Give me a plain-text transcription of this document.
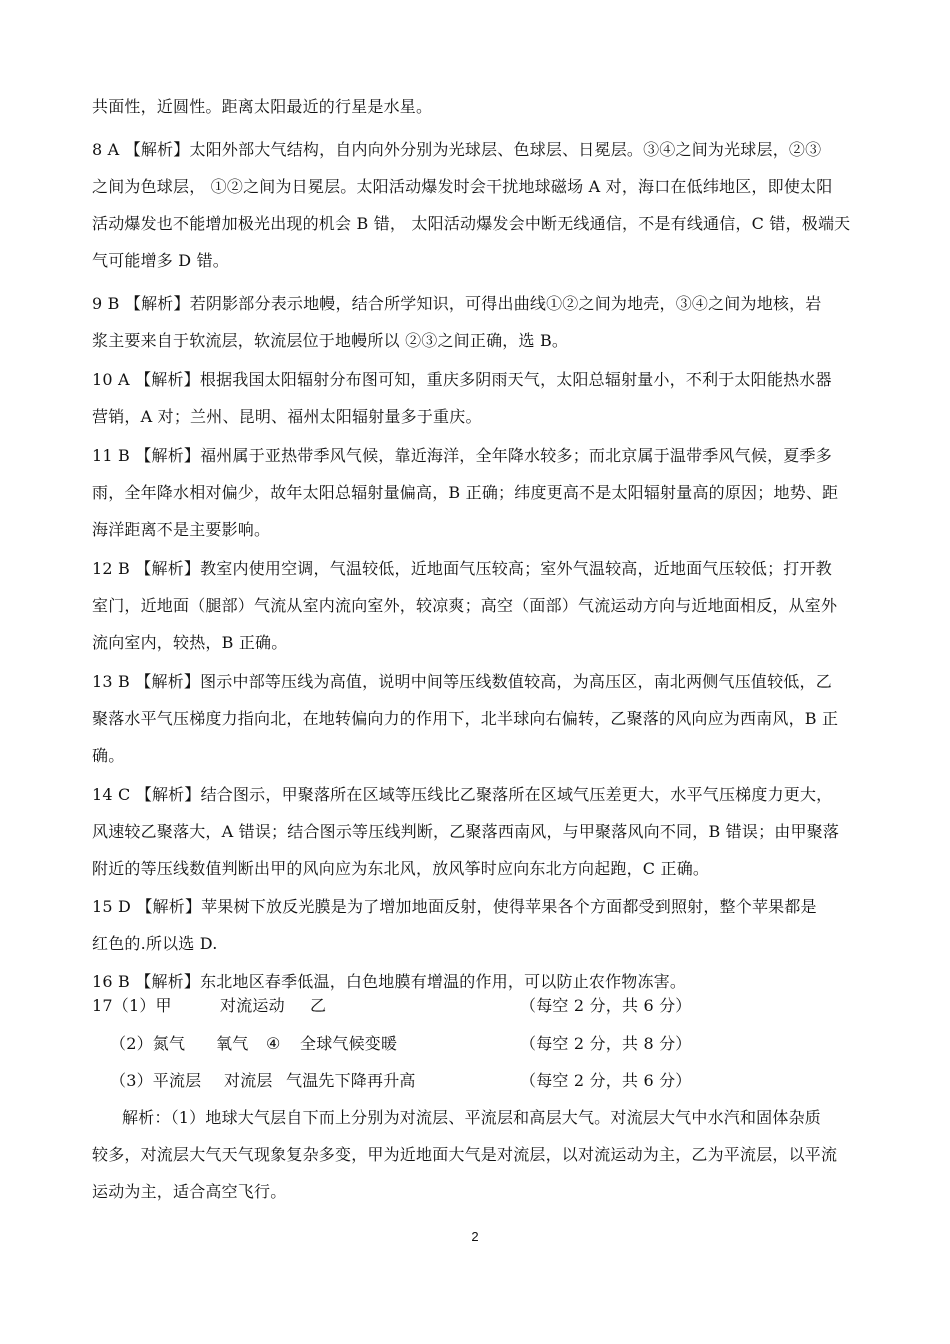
共面性，近圆性。距离太阳最近的行星是水星。
8 A 【解析】太阳外部大气结构，自内向外分别为光球层、色球层、日冕层。③④之间为光球层，②③
之间为色球层， ①②之间为日冕层。太阳活动爆发时会干扰地球磁场 A 对，海口在低纬地区，即使太阳
活动爆发也不能增加极光出现的机会 B 错， 太阳活动爆发会中断无线通信，不是有线通信，C 错，极端天
气可能增多 D 错。
9 B 【解析】若阴影部分表示地幔，结合所学知识，可得出曲线①②之间为地壳，③④之间为地核，岩
浆主要来自于软流层，软流层位于地幔所以 ②③之间正确，选 B。
10 A 【解析】根据我国太阳辐射分布图可知，重庆多阴雨天气，太阳总辐射量小，不利于太阳能热水器
营销，A 对；兰州、昆明、福州太阳辐射量多于重庆。
11 B 【解析】福州属于亚热带季风气候，靠近海洋，全年降水较多；而北京属于温带季风气候，夏季多
雨，全年降水相对偏少，故年太阳总辐射量偏高，B 正确；纬度更高不是太阳辐射量高的原因；地势、距
海洋距离不是主要影响。
12 B 【解析】教室内使用空调，气温较低，近地面气压较高；室外气温较高，近地面气压较低；打开教
室门，近地面（腿部）气流从室内流向室外，较凉爽；高空（面部）气流运动方向与近地面相反，从室外
流向室内，较热，B 正确。
13 B 【解析】图示中部等压线为高值，说明中间等压线数值较高，为高压区，南北两侧气压值较低，乙
聚落水平气压梯度力指向北，在地转偏向力的作用下，北半球向右偏转，乙聚落的风向应为西南风，B 正
确。
14 C 【解析】结合图示，甲聚落所在区域等压线比乙聚落所在区域气压差更大，水平气压梯度力更大，
风速较乙聚落大，A 错误；结合图示等压线判断，乙聚落西南风，与甲聚落风向不同，B 错误；由甲聚落
附近的等压线数值判断出甲的风向应为东北风，放风筝时应向东北方向起跑，C 正确。
15 D 【解析】苹果树下放反光膜是为了增加地面反射，使得苹果各个方面都受到照射，整个苹果都是
红色的.所以选 D.
16 B 【解析】东北地区春季低温，白色地膜有增温的作用，可以防止农作物冻害。
17（1）甲	对流运动 乙	（每空 2 分，共 6 分）
（2）氮气 氧气 ④ 全球气候变暖	（每空 2 分，共 8 分）
（3）平流层 对流层 气温先下降再升高	（每空 2 分，共 6 分）
解析：（1）地球大气层自下而上分别为对流层、平流层和高层大气。对流层大气中水汽和固体杂质
较多，对流层大气天气现象复杂多变，甲为近地面大气是对流层，以对流运动为主，乙为平流层，以平流
运动为主，适合高空飞行。
2
